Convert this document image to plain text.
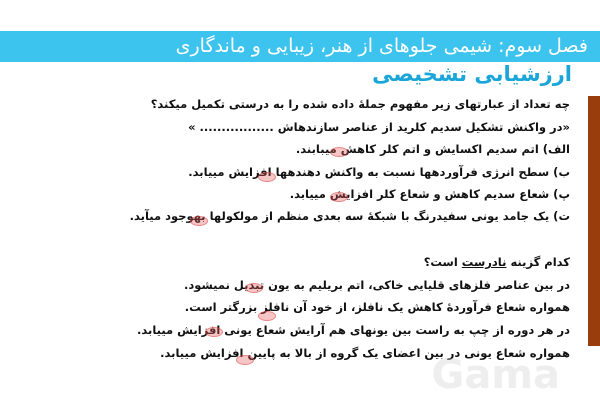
فصل سوم: شیمی جلوهای از هنر، زیبایی و ماندگاری
ارزشیابی تشخیصی
چه تعداد از عبارتهای زیر مفهوم جملهٔ داده شده را به درستی تکمیل میکند؟
«در واکنش تشکیل سدیم کلرید از عناصر سازندهاش ................. »
الف) اتم سدیم اکسایش و اتم کلر کاهش میبابند.
ب) سطح انرژی فرآوردهها نسبت به واکنش دهندهها افزایش مییابد.
پ) شعاع سدیم کاهش و شعاع کلر افزایش مییابد.
ت) یک جامد یونی سفیدرنگ با شبکهٔ سه بعدی منظم از مولکولها بهوجود میآید.
کدام گزینه نادرست است؟
در بین عناصر فلزهای قلیایی خاکی، اتم بریلیم به یون تبدیل نمیشود.
همواره شعاع فرآوردهٔ کاهش یک نافلز، از خود آن نافلز بزرگتر است.
در هر دوره از چپ به راست بین یونهای هم آرایش شعاع یونی افزایش مییابد.
همواره شعاع یونی در بین اعضای یک گروه از بالا به پایین افزایش مییابد.
Gama
